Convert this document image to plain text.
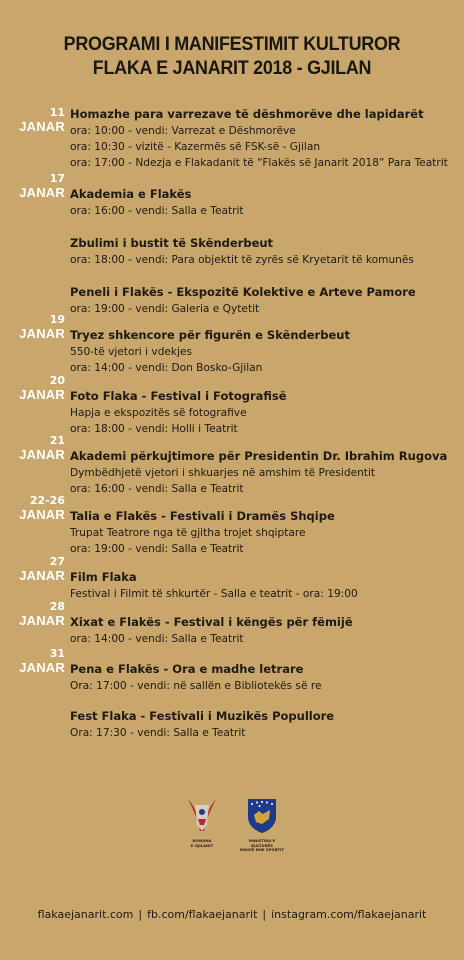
PROGRAMI I MANIFESTIMIT KULTUROR
FLAKA E JANARIT 2018 - GJILAN
11
JANAR
Homazhe para varrezave të dëshmorëve dhe lapidarët
ora: 10:00 - vendi: Varrezat e Dëshmorëve
ora: 10:30 - vizitë - Kazermës së FSK-së - Gjilan
ora: 17:00 - Ndezja e Flakadanit të “Flakës së Janarit 2018” Para Teatrit
17
JANAR Akademia e Flakës
ora: 16:00 - vendi: Salla e Teatrit
Zbulimi i bustit të Skënderbeut
ora: 18:00 - vendi: Para objektit të zyrës së Kryetarit të komunës
Peneli i Flakës - Ekspozitë Kolektive e Arteve Pamore
ora: 19:00 - vendi: Galeria e Qytetit
19
JANAR Tryez shkencore për figurën e Skënderbeut
550-të vjetori i vdekjes
ora: 14:00 - vendi: Don Bosko-Gjilan
20
JANAR Foto Flaka - Festival i Fotografisë
Hapja e ekspozitës së fotografive
ora: 18:00 - vendi: Holli i Teatrit
21
JANAR Akademi përkujtimore për Presidentin Dr. Ibrahim Rugova
Dymbëdhjetë vjetori i shkuarjes në amshim të Presidentit
ora: 16:00 - vendi: Salla e Teatrit
22-26
JANAR Talia e Flakës - Festivali i Dramës Shqipe
Trupat Teatrore nga të gjitha trojet shqiptare
ora: 19:00 - vendi: Salla e Teatrit
27
JANAR Film Flaka
Festival i Filmit të shkurtër - Salla e teatrit - ora: 19:00
28
JANAR Xixat e Flakës - Festival i këngës për fëmijë
ora: 14:00 - vendi: Salla e Teatrit
31
JANAR Pena e Flakës - Ora e madhe letrare
Ora: 17:00 - vendi: në sallën e Bibliotekës së re
Fest Flaka - Festivali i Muzikës Popullore
Ora: 17:30 - vendi: Salla e Teatrit
KOMUNA
E GJILANIT
MINISTRIA E KULTURËS
RINISË DHE SPORTIT
flakaejanarit.com | fb.com/flakaejanarit | instagram.com/flakaejanarit
